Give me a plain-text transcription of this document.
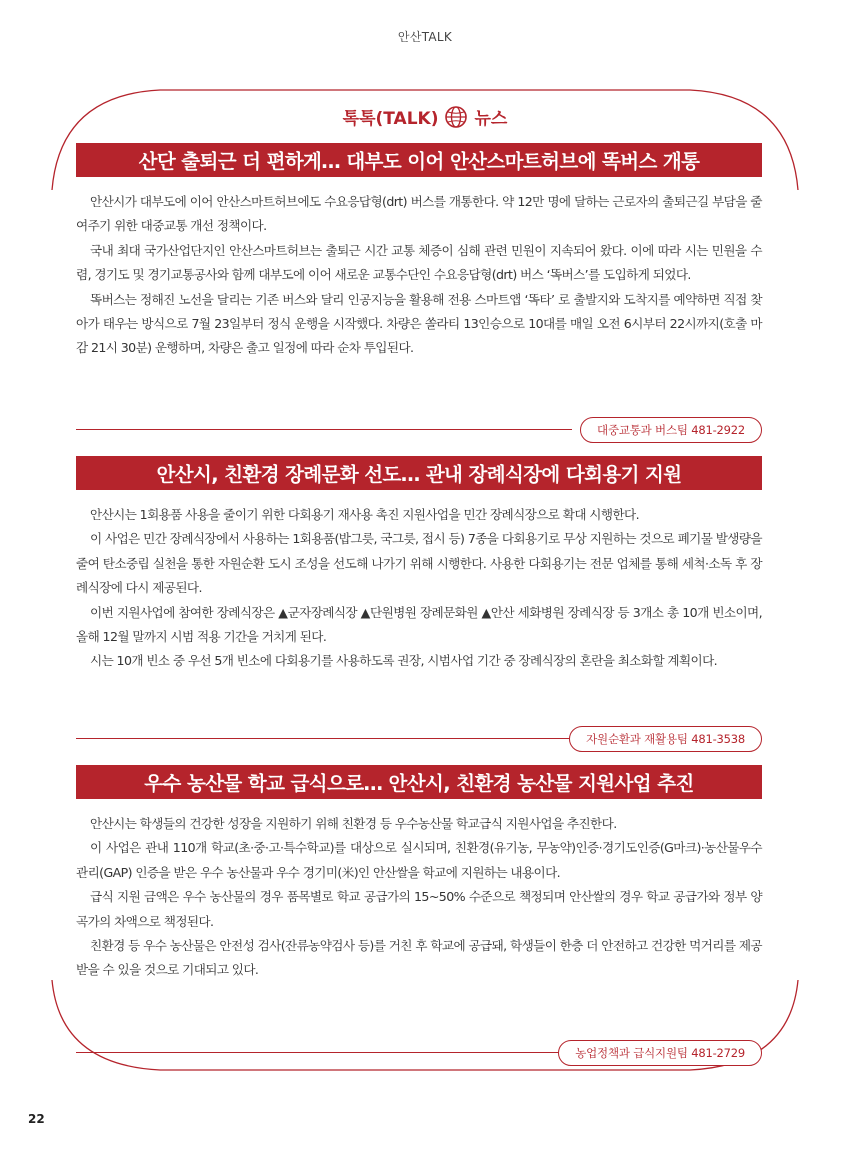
안산TALK
톡톡(TALK) 뉴스
산단 출퇴근 더 편하게… 대부도 이어 안산스마트허브에 똑버스 개통

안산시가 대부도에 이어 안산스마트허브에도 수요응답형(drt) 버스를 개통한다. 약 12만 명에 달하는 근로자의 출퇴근길 부담을 줄여주기 위한 대중교통 개선 정책이다.

국내 최대 국가산업단지인 안산스마트허브는 출퇴근 시간 교통 체증이 심해 관련 민원이 지속되어 왔다. 이에 따라 시는 민원을 수렴, 경기도 및 경기교통공사와 함께 대부도에 이어 새로운 교통수단인 수요응답형(drt) 버스 ‘똑버스’를 도입하게 되었다.

똑버스는 정해진 노선을 달리는 기존 버스와 달리 인공지능을 활용해 전용 스마트앱 ‘똑타’ 로 출발지와 도착지를 예약하면 직접 찾아가 태우는 방식으로 7월 23일부터 정식 운행을 시작했다. 차량은 쏠라티 13인승으로 10대를 매일 오전 6시부터 22시까지(호출 마감 21시 30분) 운행하며, 차량은 출고 일정에 따라 순차 투입된다.

대중교통과 버스팀 481-2922
안산시, 친환경 장례문화 선도… 관내 장례식장에 다회용기 지원

안산시는 1회용품 사용을 줄이기 위한 다회용기 재사용 촉진 지원사업을 민간 장례식장으로 확대 시행한다.

이 사업은 민간 장례식장에서 사용하는 1회용품(밥그릇, 국그릇, 접시 등) 7종을 다회용기로 무상 지원하는 것으로 폐기물 발생량을 줄여 탄소중립 실천을 통한 자원순환 도시 조성을 선도해 나가기 위해 시행한다. 사용한 다회용기는 전문 업체를 통해 세척·소독 후 장례식장에 다시 제공된다.

이번 지원사업에 참여한 장례식장은 ▲군자장례식장 ▲단원병원 장례문화원 ▲안산 세화병원 장례식장 등 3개소 총 10개 빈소이며, 올해 12월 말까지 시범 적용 기간을 거치게 된다.

시는 10개 빈소 중 우선 5개 빈소에 다회용기를 사용하도록 권장, 시범사업 기간 중 장례식장의 혼란을 최소화할 계획이다.

자원순환과 재활용팀 481-3538
우수 농산물 학교 급식으로… 안산시, 친환경 농산물 지원사업 추진

안산시는 학생들의 건강한 성장을 지원하기 위해 친환경 등 우수농산물 학교급식 지원사업을 추진한다.

이 사업은 관내 110개 학교(초·중·고·특수학교)를 대상으로 실시되며, 친환경(유기농, 무농약)인증·경기도인증(G마크)·농산물우수관리(GAP) 인증을 받은 우수 농산물과 우수 경기미(米)인 안산쌀을 학교에 지원하는 내용이다.

급식 지원 금액은 우수 농산물의 경우 품목별로 학교 공급가의 15~50% 수준으로 책정되며 안산쌀의 경우 학교 공급가와 정부 양곡가의 차액으로 책정된다.

친환경 등 우수 농산물은 안전성 검사(잔류농약검사 등)를 거친 후 학교에 공급돼, 학생들이 한층 더 안전하고 건강한 먹거리를 제공받을 수 있을 것으로 기대되고 있다.

농업정책과 급식지원팀 481-2729
22
